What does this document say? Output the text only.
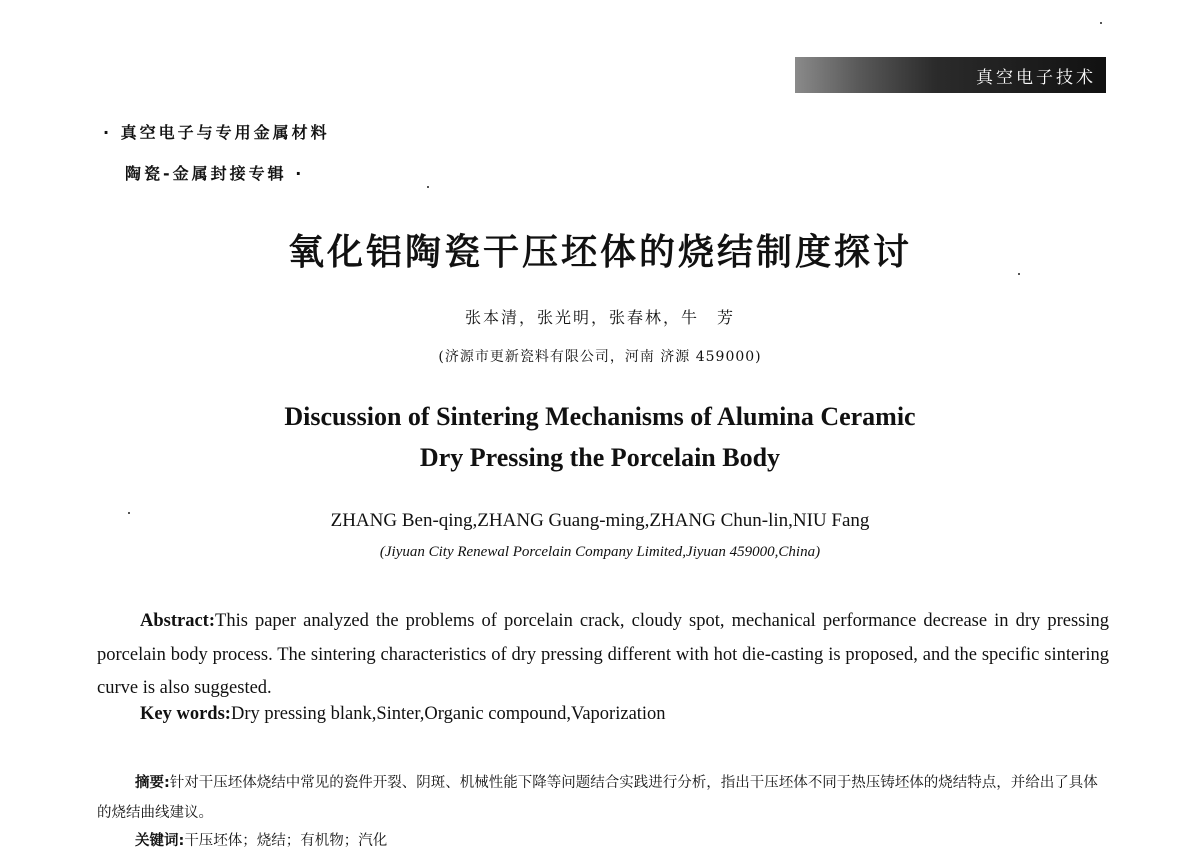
真空电子技术
· 真空电子与专用金属材料
陶瓷-金属封接专辑 ·
氧化铝陶瓷干压坯体的烧结制度探讨
张本清，张光明，张春林，牛　芳
(济源市更新瓷料有限公司，河南 济源 459000)
Discussion of Sintering Mechanisms of Alumina Ceramic
Dry Pressing the Porcelain Body
ZHANG Ben-qing,ZHANG Guang-ming,ZHANG Chun-lin,NIU Fang
(Jiyuan City Renewal Porcelain Company Limited,Jiyuan 459000,China)

Abstract:This paper analyzed the problems of porcelain crack, cloudy spot, mechanical performance decrease in dry pressing porcelain body process. The sintering characteristics of dry pressing different with hot die-casting is proposed, and the specific sintering curve is also suggested.

Key words:Dry pressing blank,Sinter,Organic compound,Vaporization

摘要:针对干压坯体烧结中常见的瓷件开裂、阴斑、机械性能下降等问题结合实践进行分析，指出干压坯体不同于热压铸坯体的烧结特点，并给出了具体的烧结曲线建议。

关键词:干压坯体；烧结；有机物；汽化
